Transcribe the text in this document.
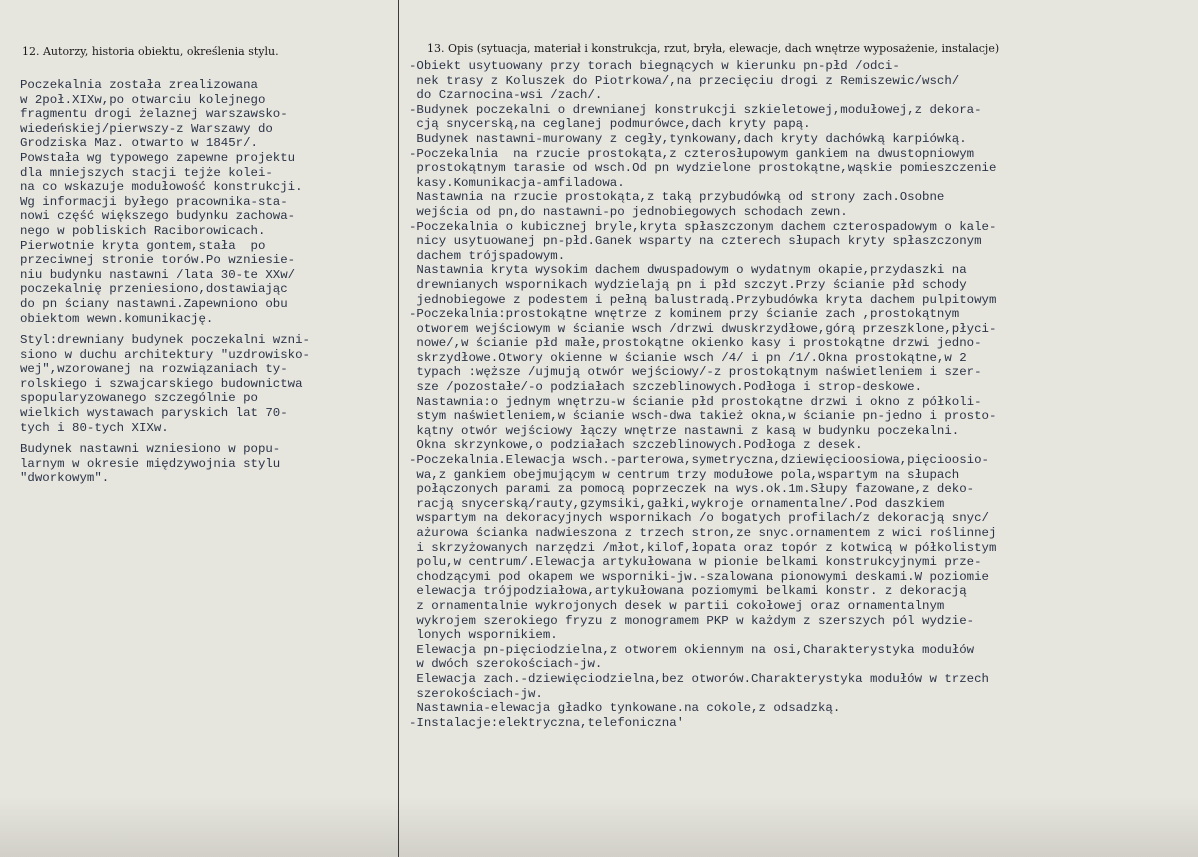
12. Autorzy, historia obiektu, określenia stylu.	13. Opis (sytuacja, materiał i konstrukcja, rzut, bryła, elewacje, dach wnętrze wyposażenie, instalacje)
Poczekalnia została zrealizowana
w 2poł.XIXw,po otwarciu kolejnego
fragmentu drogi żelaznej warszawsko-
wiedeńskiej/pierwszy-z Warszawy do
Grodziska Maz. otwarto w 1845r/.
Powstała wg typowego zapewne projektu
dla mniejszych stacji tejże kolei-
na co wskazuje modułowość konstrukcji.
Wg informacji byłego pracownika-sta-
nowi część większego budynku zachowa-
nego w pobliskich Raciborowicach.
Pierwotnie kryta gontem,stała  po
przeciwnej stronie torów.Po wzniesie-
niu budynku nastawni /lata 30-te XXw/
poczekalnię przeniesiono,dostawiając
do pn ściany nastawni.Zapewniono obu
obiektom wewn.komunikację.
Styl:drewniany budynek poczekalni wzni-
siono w duchu architektury "uzdrowisko-
wej",wzorowanej na rozwiązaniach ty-
rolskiego i szwajcarskiego budownictwa
spopularyzowanego szczególnie po
wielkich wystawach paryskich lat 70-
tych i 80-tych XIXw.
Budynek nastawni wzniesiono w popu-
larnym w okresie międzywojnia stylu
"dworkowym".
-Obiekt usytuowany przy torach biegnących w kierunku pn-płd /odci-
nek trasy z Koluszek do Piotrkowa/,na przecięciu drogi z Remiszewic/wsch/
do Czarnocina-wsi /zach/.
-Budynek poczekalni o drewnianej konstrukcji szkieletowej,modułowej,z dekora-
cją snycerską,na ceglanej podmurówce,dach kryty papą.
Budynek nastawni-murowany z cegły,tynkowany,dach kryty dachówką karpiówką.
-Poczekalnia  na rzucie prostokąta,z czterosłupowym gankiem na dwustopniowym
prostokątnym tarasie od wsch.Od pn wydzielone prostokątne,wąskie pomieszczenie
kasy.Komunikacja-amfiladowa.
Nastawnia na rzucie prostokąta,z taką przybudówką od strony zach.Osobne
wejścia od pn,do nastawni-po jednobiegowych schodach zewn.
-Poczekalnia o kubicznej bryle,kryta spłaszczonym dachem czterospadowym o kale-
nicy usytuowanej pn-płd.Ganek wsparty na czterech słupach kryty spłaszczonym
dachem trójspadowym.
Nastawnia kryta wysokim dachem dwuspadowym o wydatnym okapie,przydaszki na
drewnianych wspornikach wydzielają pn i płd szczyt.Przy ścianie płd schody
jednobiegowe z podestem i pełną balustradą.Przybudówka kryta dachem pulpitowym
-Poczekalnia:prostokątne wnętrze z kominem przy ścianie zach ,prostokątnym
otworem wejściowym w ścianie wsch /drzwi dwuskrzydłowe,górą przeszklone,płyci-
nowe/,w ścianie płd małe,prostokątne okienko kasy i prostokątne drzwi jedno-
skrzydłowe.Otwory okienne w ścianie wsch /4/ i pn /1/.Okna prostokątne,w 2
typach :węższe /ujmują otwór wejściowy/-z prostokątnym naświetleniem i szer-
sze /pozostałe/-o podziałach szczeblinowych.Podłoga i strop-deskowe.
Nastawnia:o jednym wnętrzu-w ścianie płd prostokątne drzwi i okno z półkoli-
stym naświetleniem,w ścianie wsch-dwa takież okna,w ścianie pn-jedno i prosto-
kątny otwór wejściowy łączy wnętrze nastawni z kasą w budynku poczekalni.
Okna skrzynkowe,o podziałach szczeblinowych.Podłoga z desek.
-Poczekalnia.Elewacja wsch.-parterowa,symetryczna,dziewięcioosiowa,pięcioosio-
wa,z gankiem obejmującym w centrum trzy modułowe pola,wspartym na słupach
połączonych parami za pomocą poprzeczek na wys.ok.1m.Słupy fazowane,z deko-
racją snycerską/rauty,gzymsiki,gałki,wykroje ornamentalne/.Pod daszkiem
wspartym na dekoracyjnych wspornikach /o bogatych profilach/z dekoracją snyc/
ażurowa ścianka nadwieszona z trzech stron,ze snyc.ornamentem z wici roślinnej
i skrzyżowanych narzędzi /młot,kilof,łopata oraz topór z kotwicą w półkolistym
polu,w centrum/.Elewacja artykułowana w pionie belkami konstrukcyjnymi prze-
chodzącymi pod okapem we wsporniki-jw.-szalowana pionowymi deskami.W poziomie
elewacja trójpodziałowa,artykułowana poziomymi belkami konstr. z dekoracją
z ornamentalnie wykrojonych desek w partii cokołowej oraz ornamentalnym
wykrojem szerokiego fryzu z monogramem PKP w każdym z szerszych pól wydzie-
lonych wspornikiem.
Elewacja pn-pięciodzielna,z otworem okiennym na osi,Charakterystyka modułów
w dwóch szerokościach-jw.
Elewacja zach.-dziewięciodzielna,bez otworów.Charakterystyka modułów w trzech
szerokościach-jw.
Nastawnia-elewacja gładko tynkowane.na cokole,z odsadzką.
-Instalacje:elektryczna,telefoniczna'
